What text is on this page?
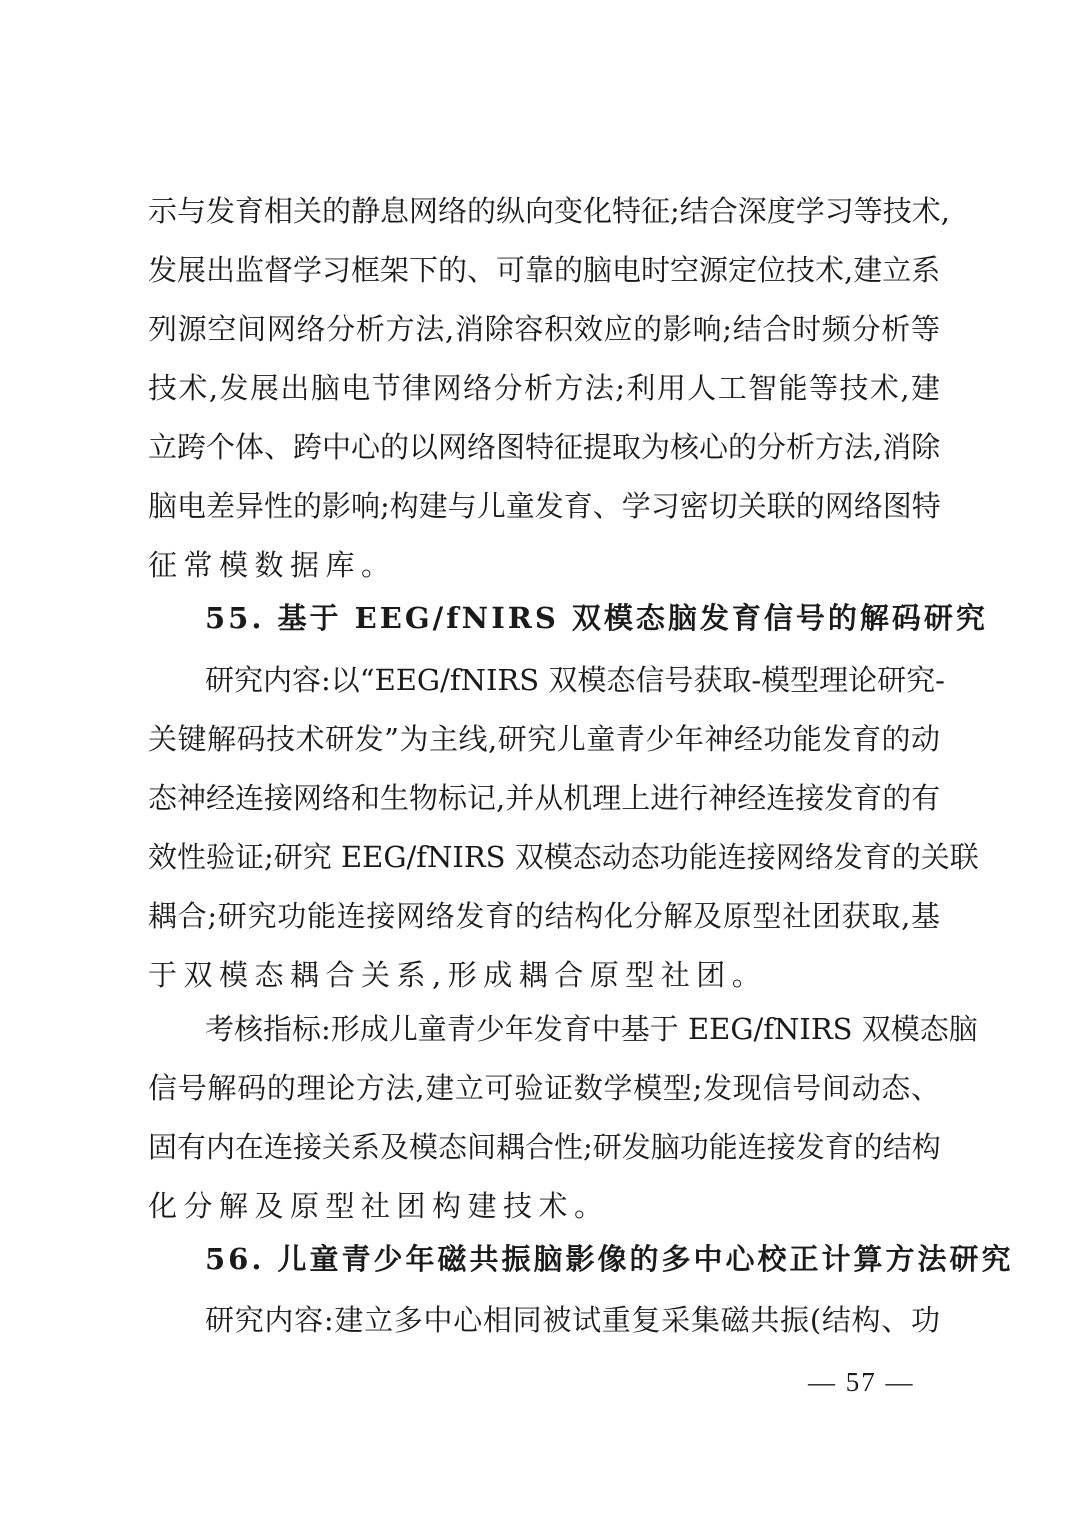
示与发育相关的静息网络的纵向变化特征;结合深度学习等技术,
发展出监督学习框架下的、可靠的脑电时空源定位技术,建立系
列源空间网络分析方法,消除容积效应的影响;结合时频分析等
技术,发展出脑电节律网络分析方法;利用人工智能等技术,建
立跨个体、跨中心的以网络图特征提取为核心的分析方法,消除
脑电差异性的影响;构建与儿童发育、学习密切关联的网络图特
征常模数据库。
55. 基于 EEG/fNIRS 双模态脑发育信号的解码研究
研究内容:以“EEG/fNIRS 双模态信号获取-模型理论研究-
关键解码技术研发”为主线,研究儿童青少年神经功能发育的动
态神经连接网络和生物标记,并从机理上进行神经连接发育的有
效性验证;研究 EEG/fNIRS 双模态动态功能连接网络发育的关联
耦合;研究功能连接网络发育的结构化分解及原型社团获取,基
于双模态耦合关系,形成耦合原型社团。
考核指标:形成儿童青少年发育中基于 EEG/fNIRS 双模态脑
信号解码的理论方法,建立可验证数学模型;发现信号间动态、
固有内在连接关系及模态间耦合性;研发脑功能连接发育的结构
化分解及原型社团构建技术。
56. 儿童青少年磁共振脑影像的多中心校正计算方法研究
研究内容:建立多中心相同被试重复采集磁共振(结构、功
— 57 —
